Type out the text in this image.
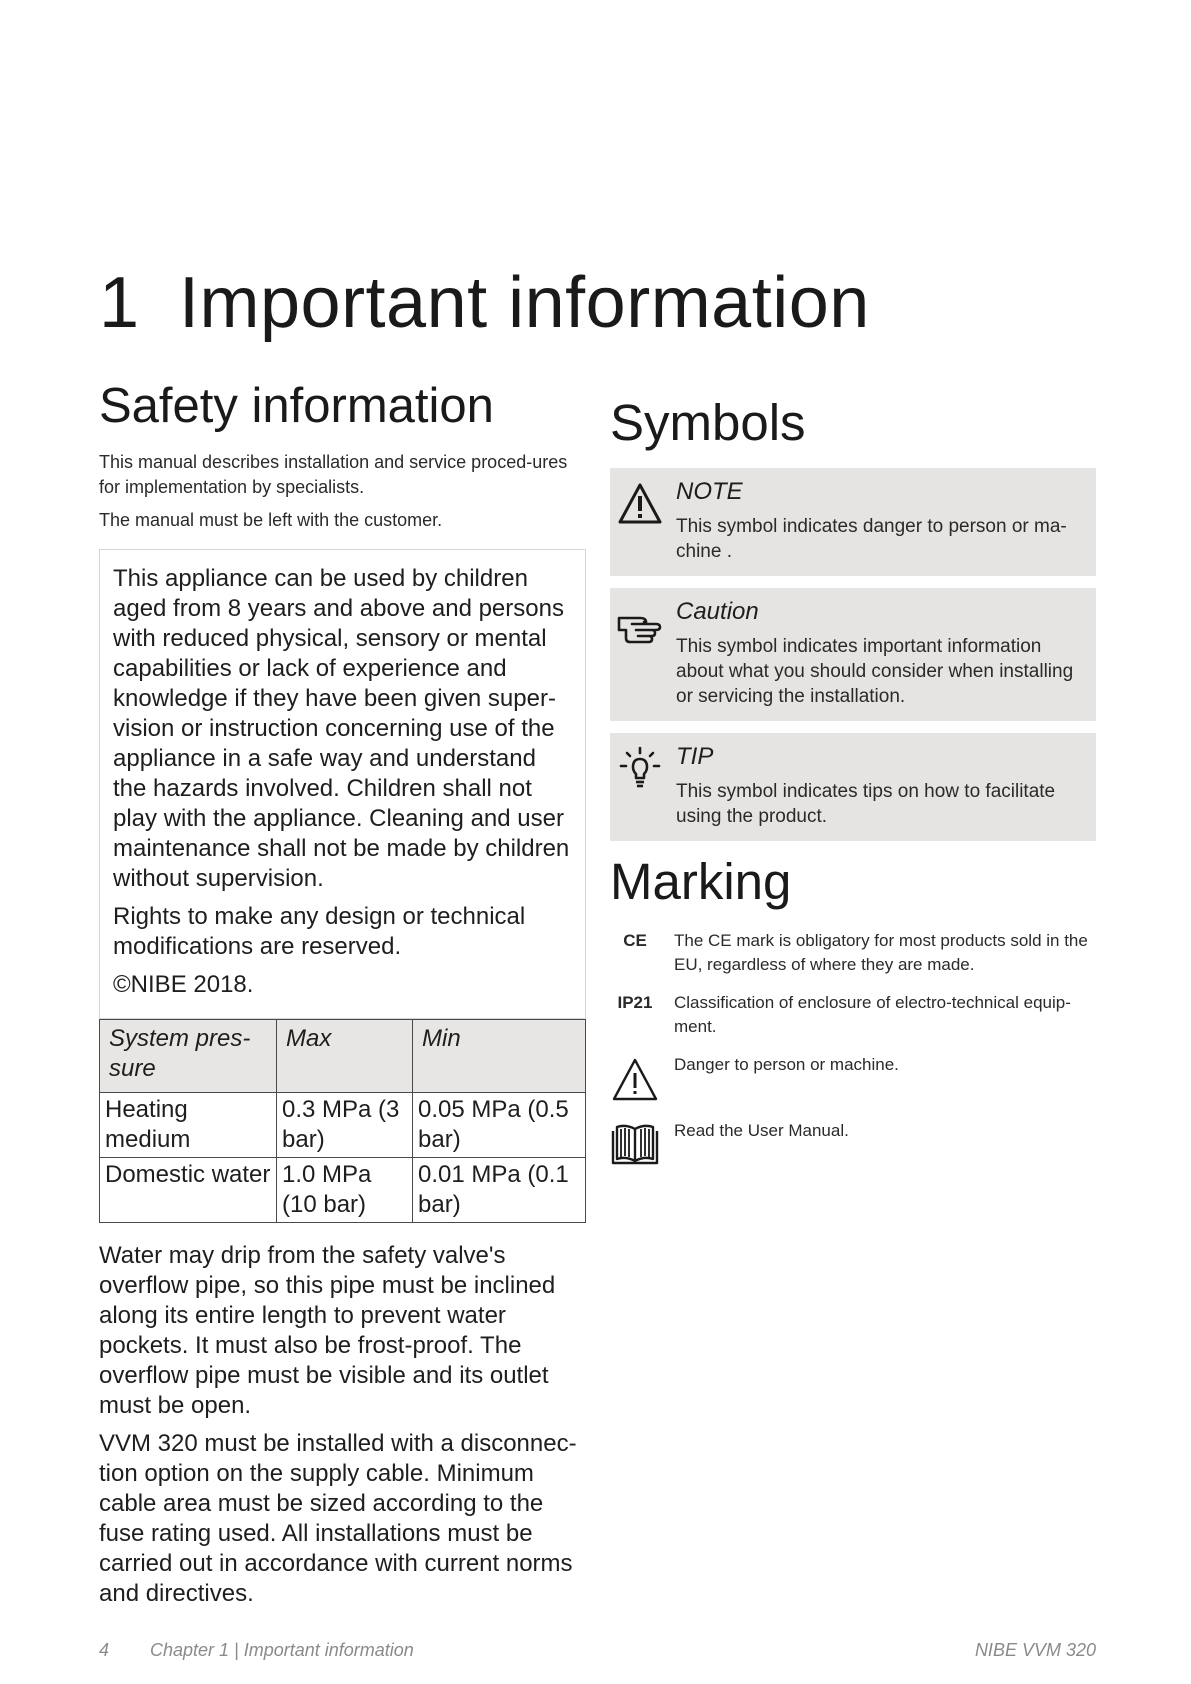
1 Important information
Safety information

This manual describes installation and service proced-ures for implementation by specialists.

The manual must be left with the customer.

This appliance can be used by children aged from 8 years and above and persons with reduced physical, sensory or mental capabilities or lack of experience and knowledge if they have been given super-vision or instruction concerning use of the appliance in a safe way and understand the hazards involved. Children shall not play with the appliance. Cleaning and user maintenance shall not be made by children without supervision.

Rights to make any design or technical modifications are reserved.

©NIBE 2018.

System pres-sure	Max	Min
Heating medium	0.3 MPa (3 bar)	0.05 MPa (0.5 bar)
Domestic water	1.0 MPa (10 bar)	0.01 MPa (0.1 bar)

Water may drip from the safety valve's overflow pipe, so this pipe must be inclined along its entire length to prevent water pockets. It must also be frost-proof. The overflow pipe must be visible and its outlet must be open.

VVM 320 must be installed with a disconnec-tion option on the supply cable. Minimum cable area must be sized according to the fuse rating used. All installations must be carried out in accordance with current norms and directives.

Symbols
NOTE
This symbol indicates danger to person or ma-chine .
Caution
This symbol indicates important information about what you should consider when installing or servicing the installation.
TIP
This symbol indicates tips on how to facilitate using the product.
Marking
CE	The CE mark is obligatory for most products sold in the EU, regardless of where they are made.
IP21	Classification of enclosure of electro-technical equip-ment.
Danger to person or machine.
Read the User Manual.
4 Chapter 1 | Important information	NIBE VVM 320
